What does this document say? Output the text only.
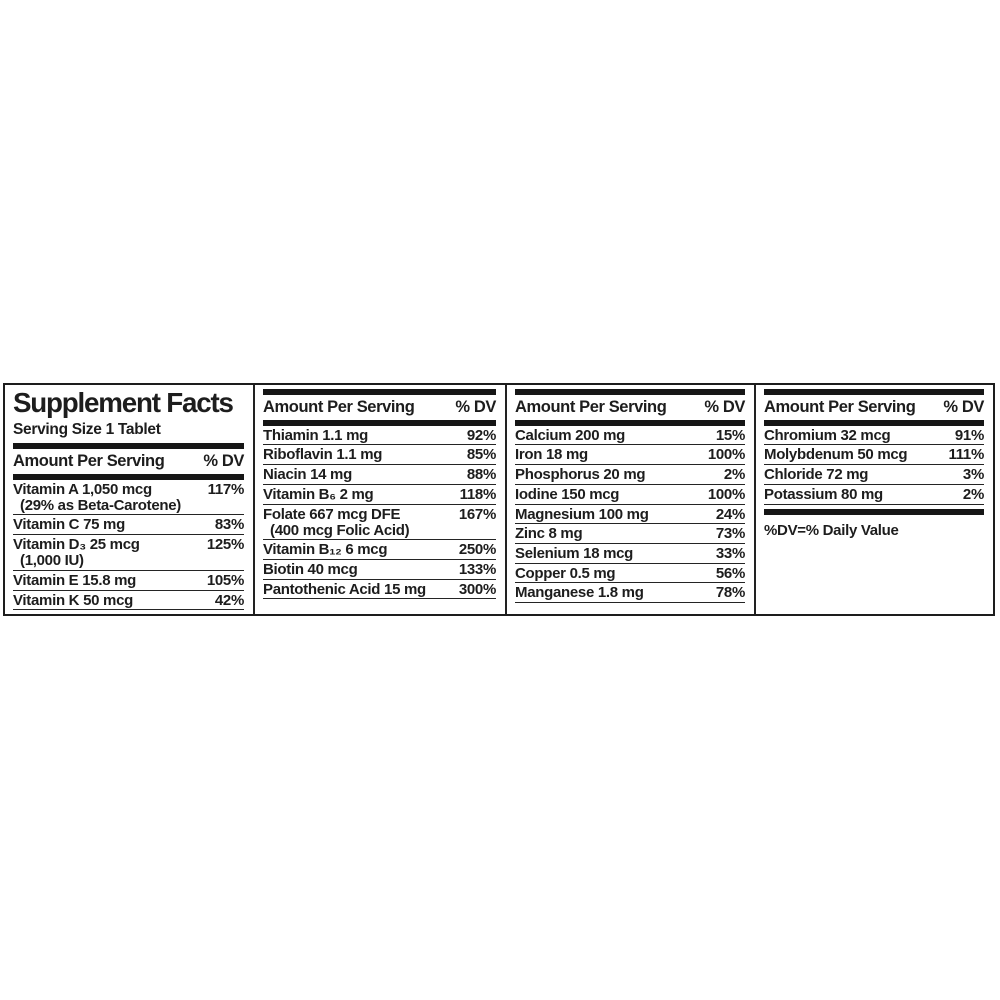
Supplement Facts
Serving Size 1 Tablet
Amount Per Serving % DV
Vitamin A 1,050 mcg
(29% as Beta-Carotene)
117%
Vitamin C 75 mg	83%
Vitamin D₃ 25 mcg
(1,000 IU)
125%
Vitamin E 15.8 mg	105%
Vitamin K 50 mcg	42%
Amount Per Serving % DV
Thiamin 1.1 mg	92%
Riboflavin 1.1 mg	85%
Niacin 14 mg	88%
Vitamin B₆ 2 mg	118%
Folate 667 mcg DFE
(400 mcg Folic Acid)
167%
Vitamin B₁₂ 6 mcg	250%
Biotin 40 mcg	133%
Pantothenic Acid 15 mg 300%
Amount Per Serving % DV
Calcium 200 mg	15%
Iron 18 mg	100%
Phosphorus 20 mg	2%
Iodine 150 mcg	100%
Magnesium 100 mg	24%
Zinc 8 mg	73%
Selenium 18 mcg	33%
Copper 0.5 mg	56%
Manganese 1.8 mg	78%
Amount Per Serving % DV
Chromium 32 mcg	91%
Molybdenum 50 mcg	111%
Chloride 72 mg	3%
Potassium 80 mg	2%
%DV=% Daily Value
